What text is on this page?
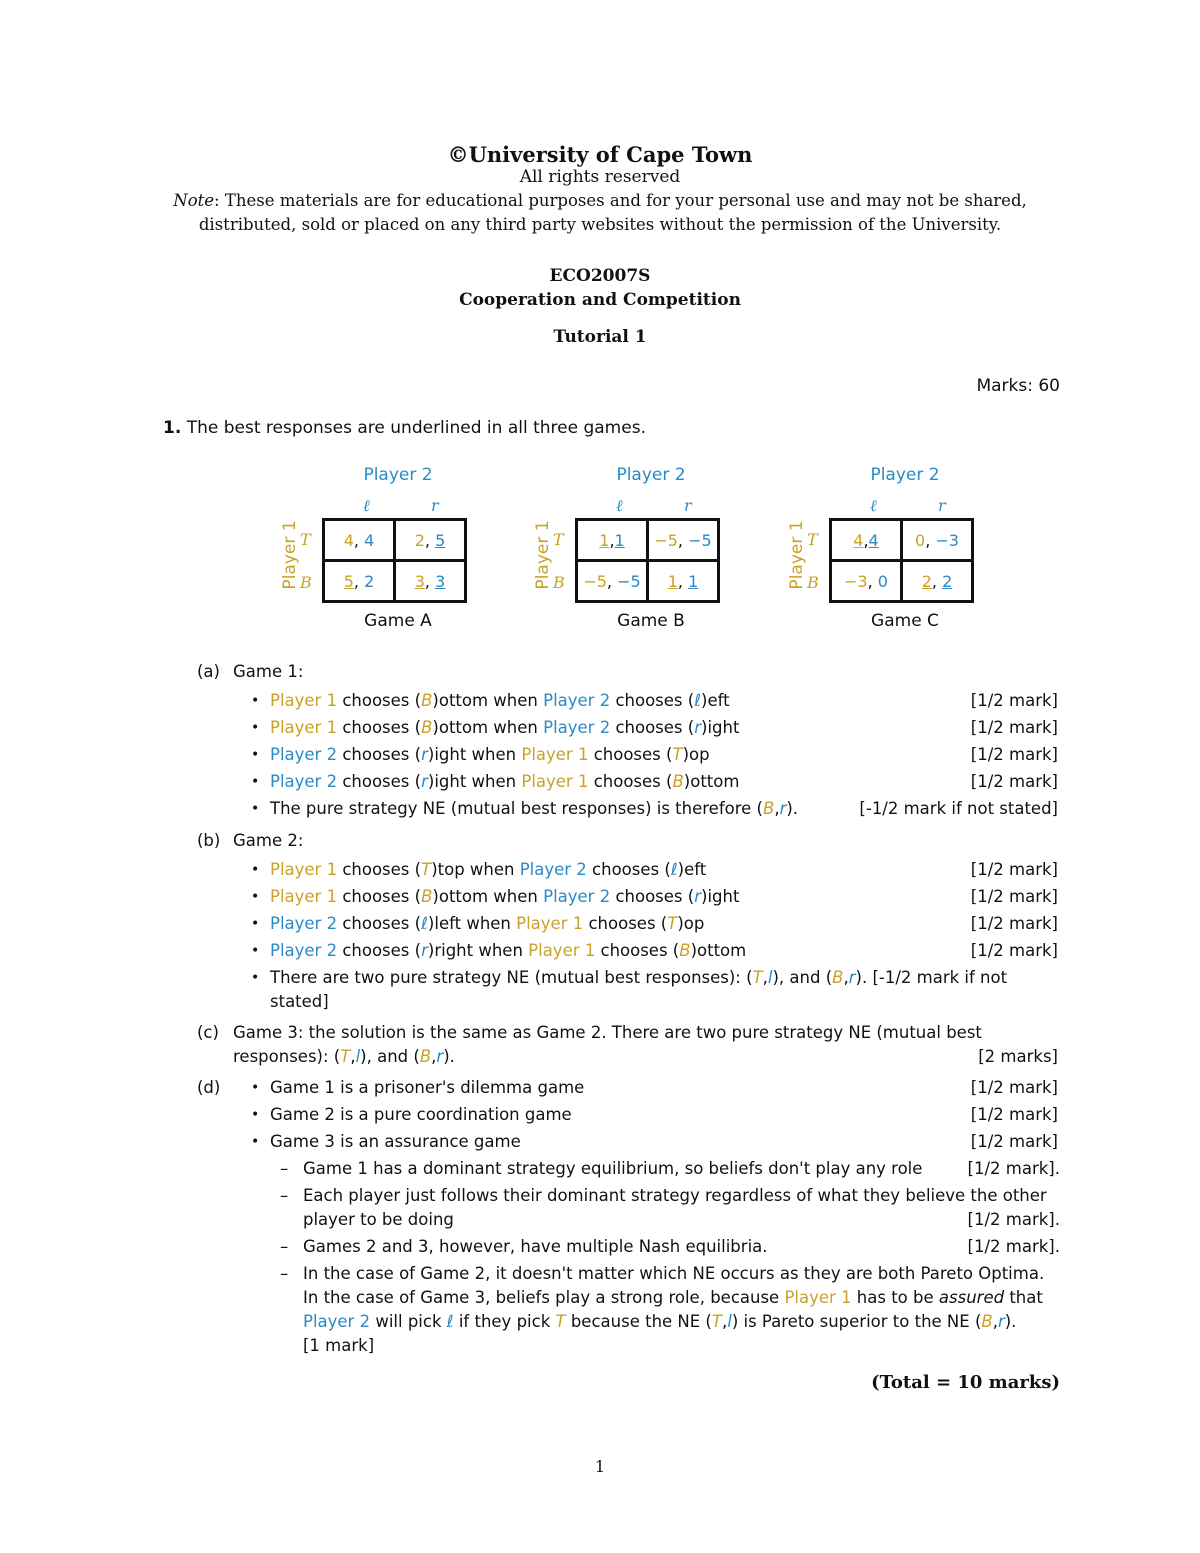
©University of Cape Town
All rights reserved
Note: These materials are for educational purposes and for your personal use and may not be shared,
distributed, sold or placed on any third party websites without the permission of the University.
ECO2007S
Cooperation and Competition
Tutorial 1
Marks: 60
1. The best responses are underlined in all three games.
Player 2
ℓ	r
Player 1 T
B
4, 4	2, 5
5, 2	3, 3
Game A
Player 2
ℓ	r
Player 1 T
B
1,1	−5, −5
−5, −5	1, 1
Game B
Player 2
ℓ	r
Player 1 T
B
4,4	0, −3
−3, 0	2, 2
Game C
(a) Game 1:
• Player 1 chooses (B)ottom when Player 2 chooses (ℓ)eft	[1/2 mark]
• Player 1 chooses (B)ottom when Player 2 chooses (r)ight	[1/2 mark]
• Player 2 chooses (r)ight when Player 1 chooses (T)op	[1/2 mark]
• Player 2 chooses (r)ight when Player 1 chooses (B)ottom	[1/2 mark]
• The pure strategy NE (mutual best responses) is therefore (B,r).	[-1/2 mark if not stated]
(b) Game 2:
• Player 1 chooses (T)top when Player 2 chooses (ℓ)eft	[1/2 mark]
• Player 1 chooses (B)ottom when Player 2 chooses (r)ight	[1/2 mark]
• Player 2 chooses (ℓ)left when Player 1 chooses (T)op	[1/2 mark]
• Player 2 chooses (r)right when Player 1 chooses (B)ottom	[1/2 mark]
• There are two pure strategy NE (mutual best responses): (T,l), and (B,r). [-1/2 mark if not
stated]
(c) Game 3: the solution is the same as Game 2. There are two pure strategy NE (mutual best
responses): (T,l), and (B,r).	[2 marks]
(d) • Game 1 is a prisoner's dilemma game	[1/2 mark]
• Game 2 is a pure coordination game	[1/2 mark]
• Game 3 is an assurance game	[1/2 mark]
– Game 1 has a dominant strategy equilibrium, so beliefs don't play any role	[1/2 mark].
– Each player just follows their dominant strategy regardless of what they believe the other
player to be doing	[1/2 mark].
– Games 2 and 3, however, have multiple Nash equilibria.	[1/2 mark].
– In the case of Game 2, it doesn't matter which NE occurs as they are both Pareto Optima.
In the case of Game 3, beliefs play a strong role, because Player 1 has to be assured that
Player 2 will pick ℓ if they pick T because the NE (T,l) is Pareto superior to the NE (B,r).
[1 mark]
(Total = 10 marks)
1
